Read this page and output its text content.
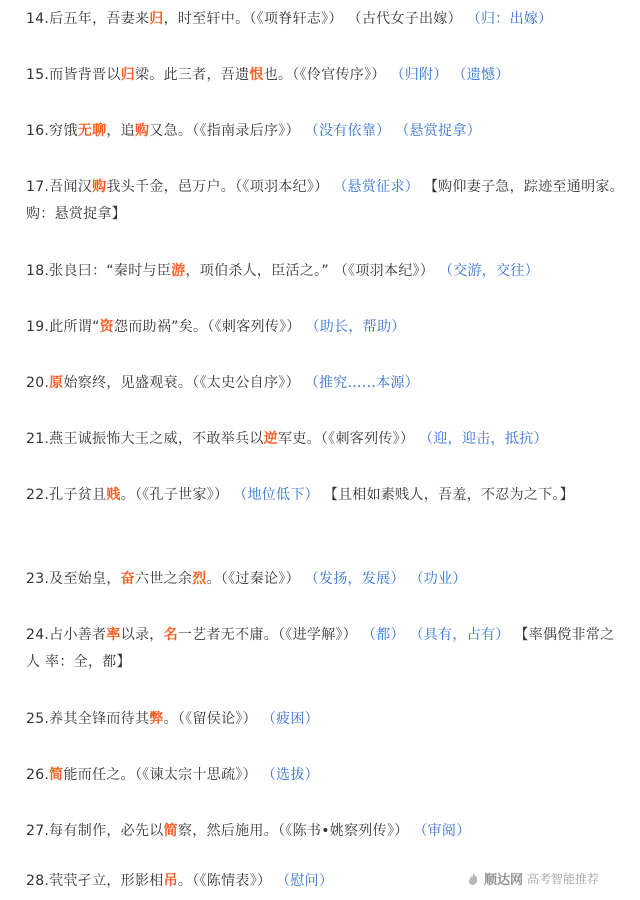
14.后五年，吾妻来归，时至轩中。（《项脊轩志》） （古代女子出嫁） （归：出嫁）
15.而皆背晋以归梁。此三者，吾遗恨也。（《伶官传序》） （归附） （遗憾）
16.穷饿无聊，追购又急。（《指南录后序》） （没有依靠） （悬赏捉拿）
17.吾闻汉购我头千金，邑万户。（《项羽本纪》） （悬赏征求） 【购仰妻子急，踪迹至通明家。购：悬赏捉拿】
18.张良曰：“秦时与臣游，项伯杀人，臣活之。” （《项羽本纪》） （交游，交往）
19.此所谓“资怨而助祸”矣。（《刺客列传》） （助长，帮助）
20.原始察终，见盛观衰。（《太史公自序》） （推究……本源）
21.燕王诚振怖大王之威，不敢举兵以逆军吏。（《刺客列传》） （迎，迎击，抵抗）
22.孔子贫且贱。（《孔子世家》） （地位低下） 【且相如素贱人，吾羞，不忍为之下。】
23.及至始皇，奋六世之余烈。（《过秦论》） （发扬，发展） （功业）
24.占小善者率以录，名一艺者无不庸。（《进学解》） （都） （具有，占有） 【率偶傥非常之人 率：全，都】
25.养其全锋而待其弊。（《留侯论》） （疲困）
26.简能而任之。（《谏太宗十思疏》） （选拔）
27.每有制作，必先以简察，然后施用。（《陈书•姚察列传》） （审阅）
28.茕茕孑立，形影相吊。（《陈情表》） （慰问）	顺达网 高考智能推荐
